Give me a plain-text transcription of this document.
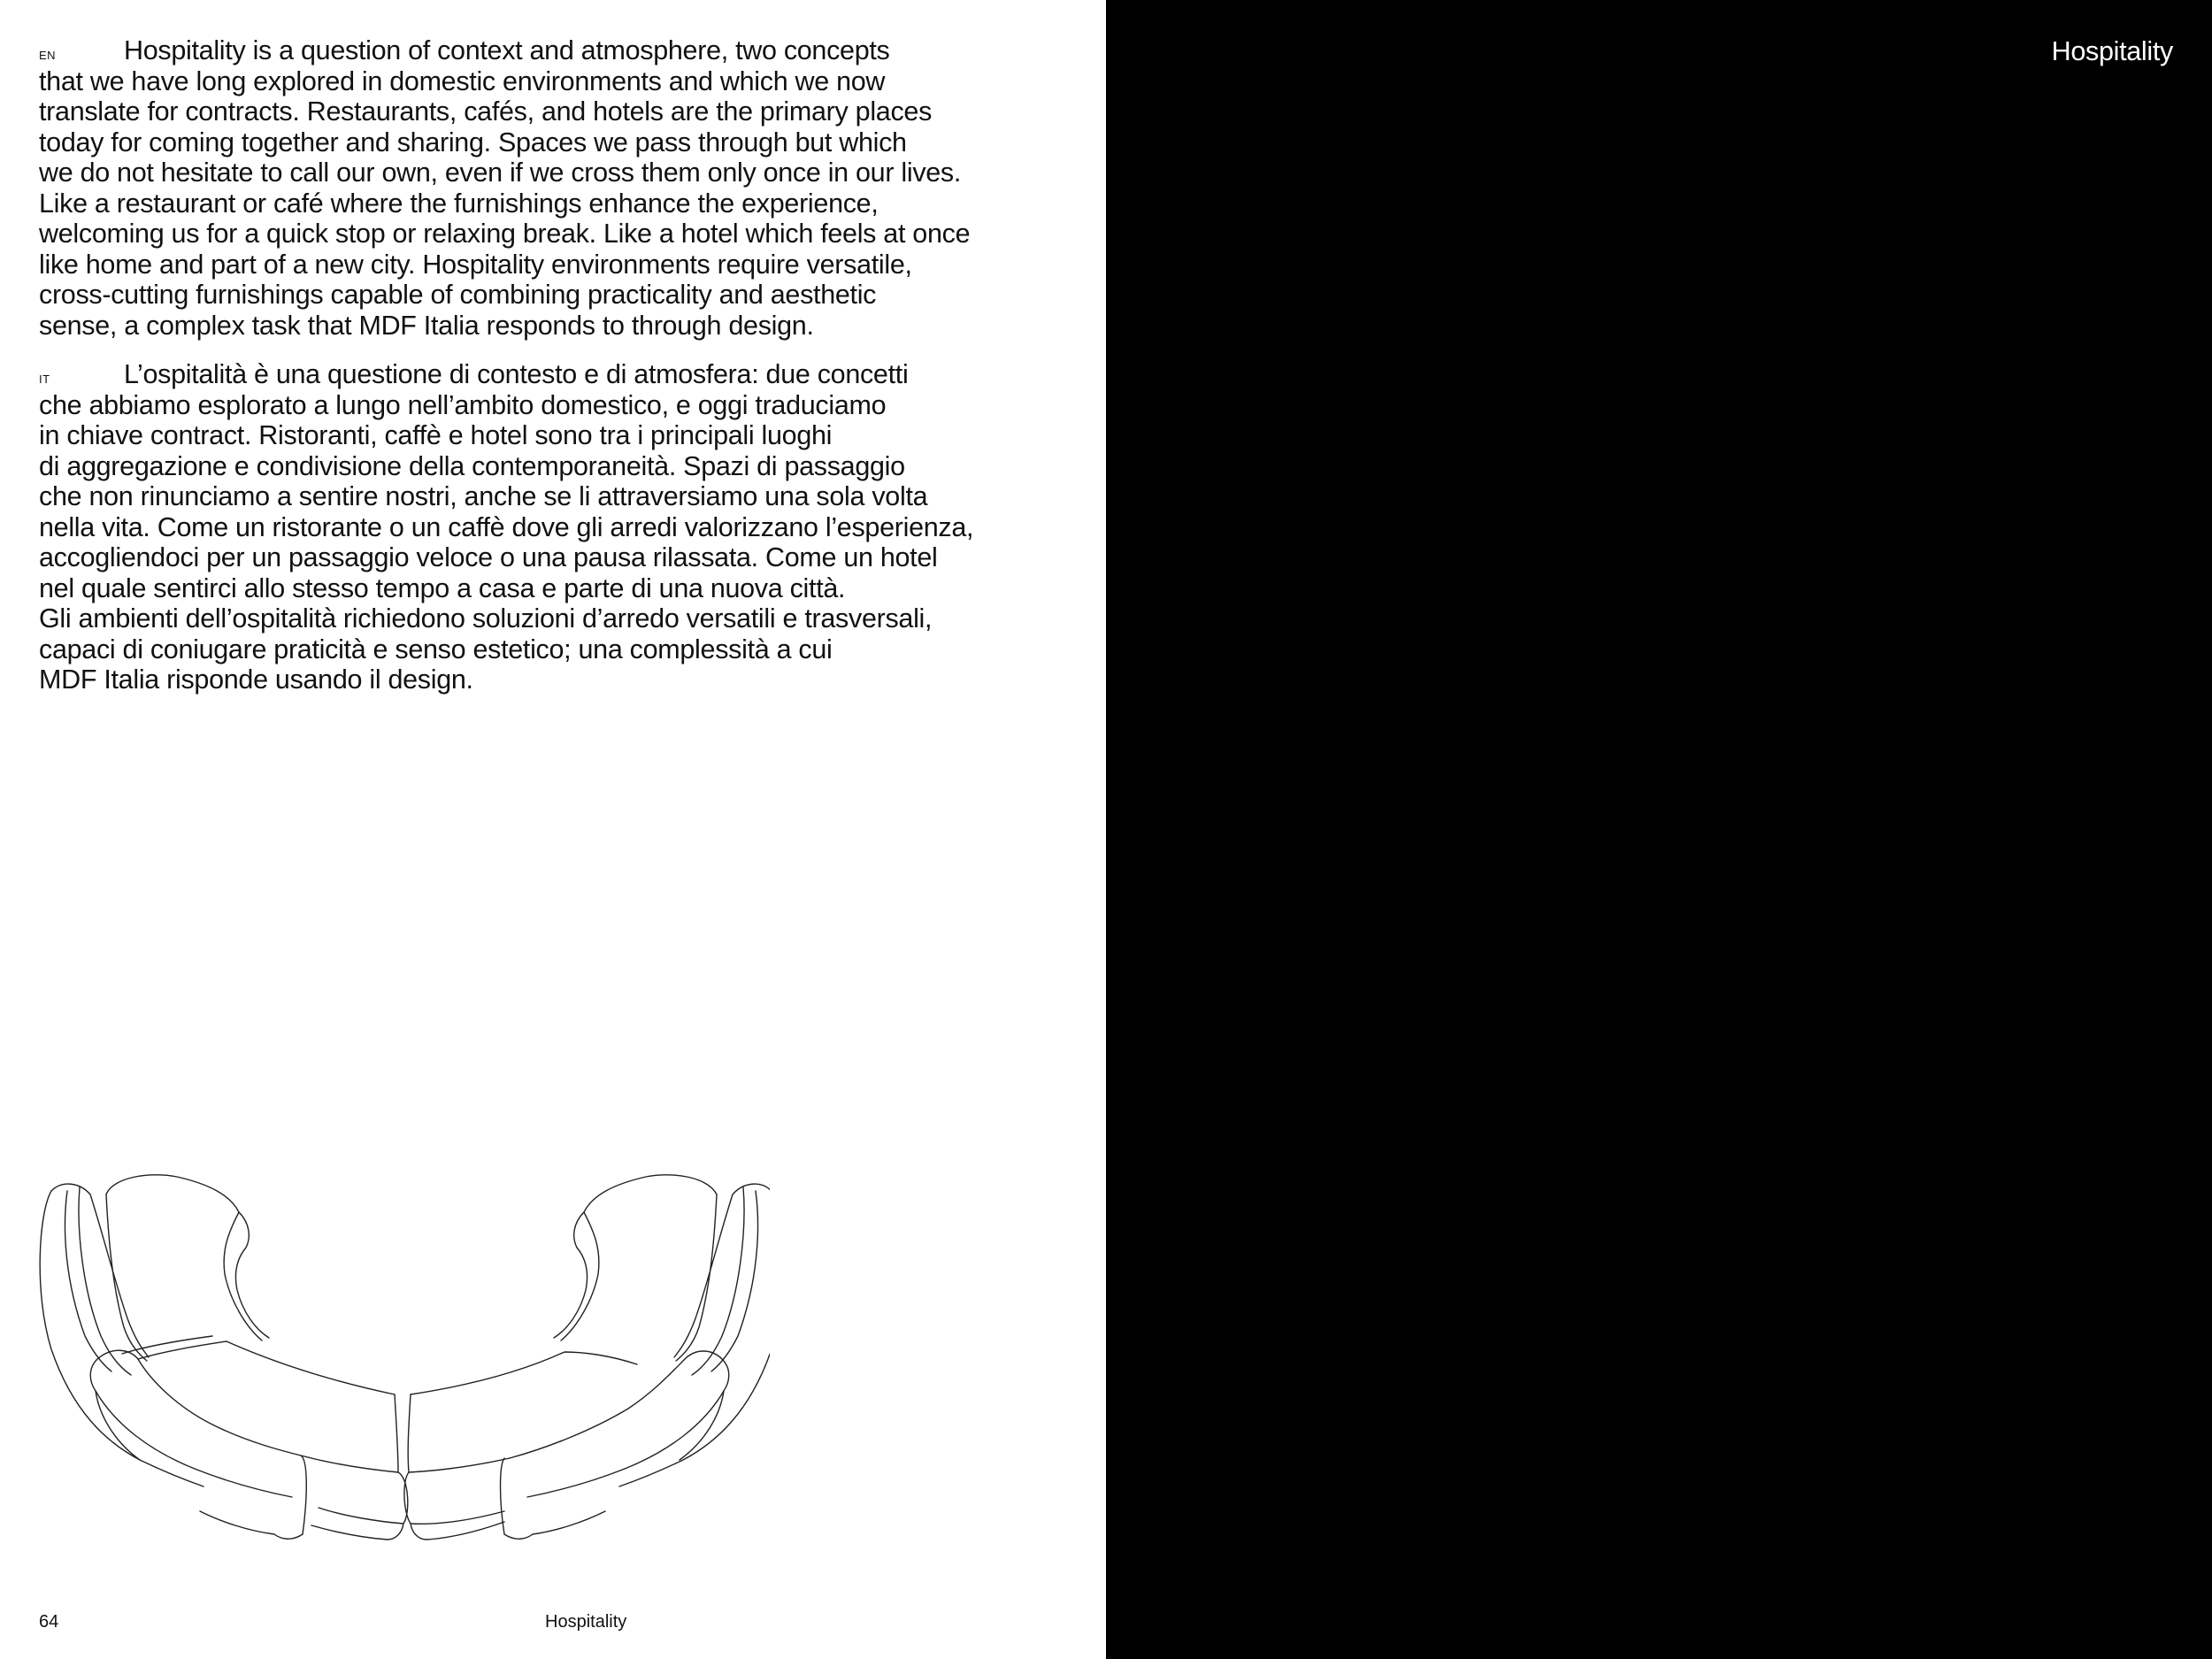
EN	Hospitality is a question of context and atmosphere, two concepts

that we have long explored in domestic environments and which we now

translate for contracts. Restaurants, cafés, and hotels are the primary places

today for coming together and sharing. Spaces we pass through but which

we do not hesitate to call our own, even if we cross them only once in our lives.

Like a restaurant or café where the furnishings enhance the experience,

welcoming us for a quick stop or relaxing break. Like a hotel which feels at once

like home and part of a new city. Hospitality environments require versatile,

cross-cutting furnishings capable of combining practicality and aesthetic

sense, a complex task that MDF Italia responds to through design.

IT	L’ospitalità è una questione di contesto e di atmosfera: due concetti

che abbiamo esplorato a lungo nell’ambito domestico, e oggi traduciamo

in chiave contract. Ristoranti, caffè e hotel sono tra i principali luoghi

di aggregazione e condivisione della contemporaneità. Spazi di passaggio

che non rinunciamo a sentire nostri, anche se li attraversiamo una sola volta

nella vita. Come un ristorante o un caffè dove gli arredi valorizzano l’esperienza,

accogliendoci per un passaggio veloce o una pausa rilassata. Come un hotel

nel quale sentirci allo stesso tempo a casa e parte di una nuova città.

Gli ambienti dell’ospitalità richiedono soluzioni d’arredo versatili e trasversali,

capaci di coniugare praticità e senso estetico; una complessità a cui

MDF Italia risponde usando il design.

64	Hospitality
Hospitality
